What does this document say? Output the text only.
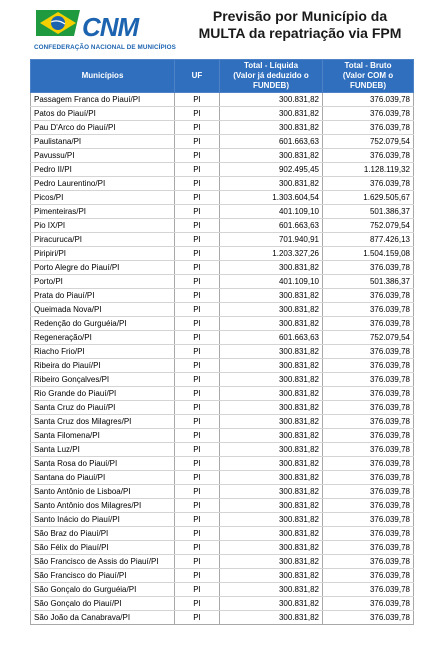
CNM
CONFEDERAÇÃO NACIONAL DE MUNICÍPIOS
Previsão por Município da
MULTA da repatriação via FPM
Municípios	UF	Total - Líquida
(Valor já deduzido o
FUNDEB)	Total - Bruto
(Valor COM o
FUNDEB)
Passagem Franca do Piauí/PI	PI	300.831,82	376.039,78
Patos do Piauí/PI	PI	300.831,82	376.039,78
Pau D'Arco do Piauí/PI	PI	300.831,82	376.039,78
Paulistana/PI	PI	601.663,63	752.079,54
Pavussu/PI	PI	300.831,82	376.039,78
Pedro II/PI	PI	902.495,45	1.128.119,32
Pedro Laurentino/PI	PI	300.831,82	376.039,78
Picos/PI	PI	1.303.604,54	1.629.505,67
Pimenteiras/PI	PI	401.109,10	501.386,37
Pio IX/PI	PI	601.663,63	752.079,54
Piracuruca/PI	PI	701.940,91	877.426,13
Piripiri/PI	PI	1.203.327,26	1.504.159,08
Porto Alegre do Piauí/PI	PI	300.831,82	376.039,78
Porto/PI	PI	401.109,10	501.386,37
Prata do Piauí/PI	PI	300.831,82	376.039,78
Queimada Nova/PI	PI	300.831,82	376.039,78
Redenção do Gurguéia/PI	PI	300.831,82	376.039,78
Regeneração/PI	PI	601.663,63	752.079,54
Riacho Frio/PI	PI	300.831,82	376.039,78
Ribeira do Piauí/PI	PI	300.831,82	376.039,78
Ribeiro Gonçalves/PI	PI	300.831,82	376.039,78
Rio Grande do Piauí/PI	PI	300.831,82	376.039,78
Santa Cruz do Piauí/PI	PI	300.831,82	376.039,78
Santa Cruz dos Milagres/PI	PI	300.831,82	376.039,78
Santa Filomena/PI	PI	300.831,82	376.039,78
Santa Luz/PI	PI	300.831,82	376.039,78
Santa Rosa do Piauí/PI	PI	300.831,82	376.039,78
Santana do Piauí/PI	PI	300.831,82	376.039,78
Santo Antônio de Lisboa/PI	PI	300.831,82	376.039,78
Santo Antônio dos Milagres/PI	PI	300.831,82	376.039,78
Santo Inácio do Piauí/PI	PI	300.831,82	376.039,78
São Braz do Piauí/PI	PI	300.831,82	376.039,78
São Félix do Piauí/PI	PI	300.831,82	376.039,78
São Francisco de Assis do Piauí/PI	PI	300.831,82	376.039,78
São Francisco do Piauí/PI	PI	300.831,82	376.039,78
São Gonçalo do Gurguéia/PI	PI	300.831,82	376.039,78
São Gonçalo do Piauí/PI	PI	300.831,82	376.039,78
São João da Canabrava/PI	PI	300.831,82	376.039,78
